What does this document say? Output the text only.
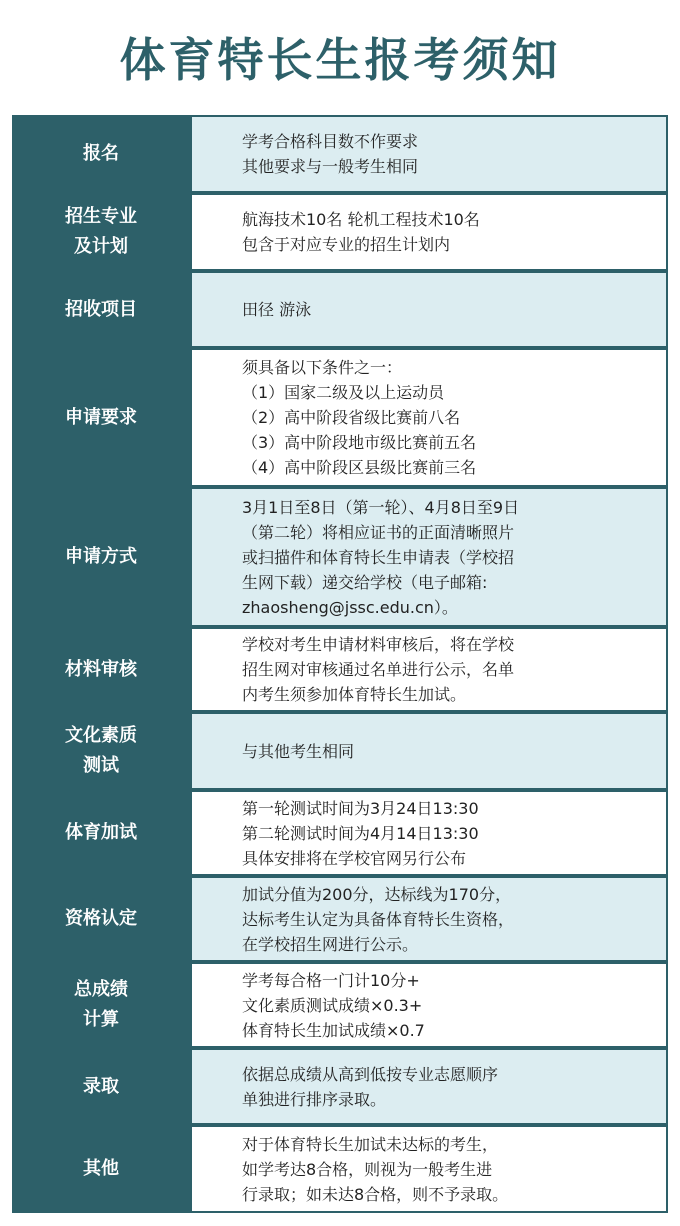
体育特长生报考须知
报名
学考合格科目数不作要求
其他要求与一般考生相同
招生专业
及计划
航海技术10名 轮机工程技术10名
包含于对应专业的招生计划内
招收项目	田径 游泳
申请要求
须具备以下条件之一：
（1）国家二级及以上运动员
（2）高中阶段省级比赛前八名
（3）高中阶段地市级比赛前五名
（4）高中阶段区县级比赛前三名
申请方式
3月1日至8日（第一轮）、4月8日至9日
（第二轮）将相应证书的正面清晰照片
或扫描件和体育特长生申请表（学校招
生网下载）递交给学校（电子邮箱:
zhaosheng@jssc.edu.cn）。
材料审核
学校对考生申请材料审核后，将在学校
招生网对审核通过名单进行公示，名单
内考生须参加体育特长生加试。
文化素质
测试
与其他考生相同
体育加试
第一轮测试时间为3月24日13:30
第二轮测试时间为4月14日13:30
具体安排将在学校官网另行公布
资格认定
加试分值为200分，达标线为170分，
达标考生认定为具备体育特长生资格，
在学校招生网进行公示。
总成绩
计算
学考每合格一门计10分+
文化素质测试成绩×0.3+
体育特长生加试成绩×0.7
录取
依据总成绩从高到低按专业志愿顺序
单独进行排序录取。
其他
对于体育特长生加试未达标的考生，
如学考达8合格，则视为一般考生进
行录取；如未达8合格，则不予录取。
